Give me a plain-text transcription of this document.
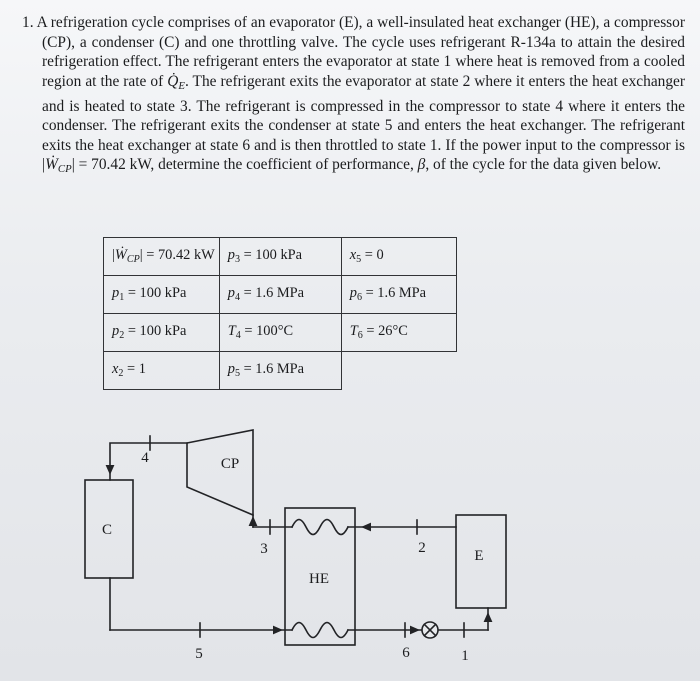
1. A refrigeration cycle comprises of an evaporator (E), a well-insulated heat exchanger (HE), a compressor (CP), a condenser (C) and one throttling valve. The cycle uses refrigerant R-134a to attain the desired refrigeration effect. The refrigerant enters the evaporator at state 1 where heat is removed from a cooled region at the rate of $Q̇_E$. The refrigerant exits the evaporator at state 2 where it enters the heat exchanger and is heated to state 3. The refrigerant is compressed in the compressor to state 4 where it enters the condenser. The refrigerant exits the condenser at state 5 and enters the heat exchanger. The refrigerant exits the heat exchanger at state 6 and is then throttled to state 1. If the power input to the compressor is |Ẇ$_{CP}$| = 70.42 kW, determine the coefficient of performance, β, of the cycle for the data given below.
|Ẇ$_{CP}$| = 70.42 kW	$p_3 = 100$ kPa	$x_5 = 0$
$p_1 = 100$ kPa	$p_4 = 1.6$ MPa	$p_6 = 1.6$ MPa
$p_2 = 100$ kPa	$T_4 = 100^\circ C$	$T_6 = 26^\circ C$
$x_2 = 1$	$p_5 = 1.6$ MPa	
C
CP
HE
E
4
3	2
5	6	1
